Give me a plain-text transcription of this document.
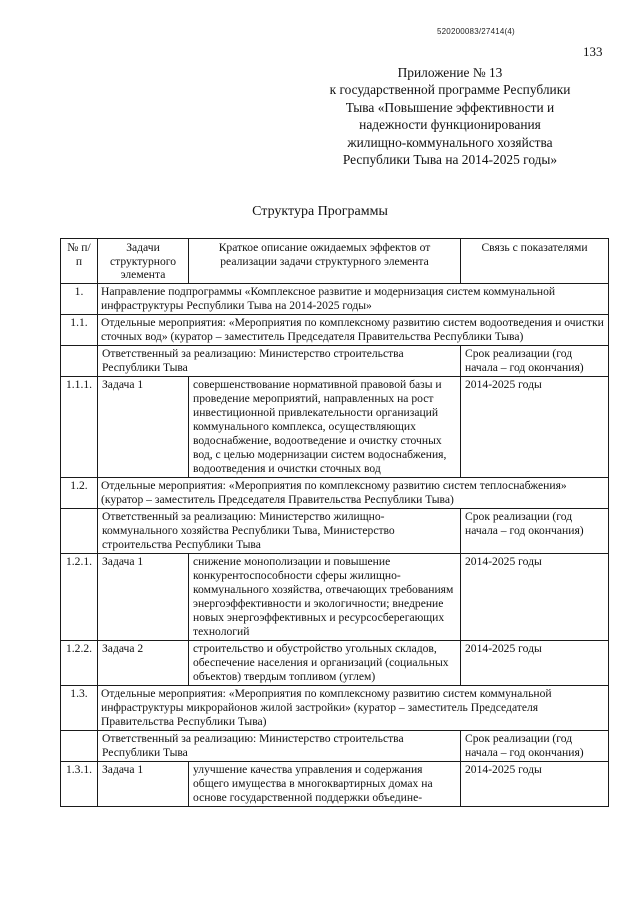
520200083/27414(4)
133
Приложение № 13
к государственной программе Республики
Тыва «Повышение эффективности и
надежности функционирования
жилищно-коммунального хозяйства
Республики Тыва на 2014-2025 годы»
Структура Программы
№ п/п	Задачи структурного элемента	Краткое описание ожидаемых эффектов от реализации задачи структурного элемента	Связь с показателями
1.	Направление подпрограммы «Комплексное развитие и модернизация систем коммунальной инфраструктуры Республики Тыва на 2014-2025 годы»		
1.1.	Отдельные мероприятия: «Мероприятия по комплексному развитию систем водоотведения и очистки сточных вод» (куратор – заместитель Председателя Правительства Республики Тыва)		
	Ответственный за реализацию: Министерство строительства Республики Тыва		Срок реализации (год начала – год окончания)
1.1.1.	Задача 1	совершенствование нормативной правовой базы и проведение мероприятий, направленных на рост инвестиционной привлекательности организаций коммунального комплекса, осуществляющих водоснабжение, водоотведение и очистку сточных вод, с целью модернизации систем водоснабжения, водоотведения и очистки сточных вод	2014-2025 годы
1.2.	Отдельные мероприятия: «Мероприятия по комплексному развитию систем теплоснабжения» (куратор – заместитель Председателя Правительства Республики Тыва)		
	Ответственный за реализацию: Министерство жилищно-коммунального хозяйства Республики Тыва, Министерство строительства Республики Тыва		Срок реализации (год начала – год окончания)
1.2.1.	Задача 1	снижение монополизации и повышение конкурентоспособности сферы жилищно-коммунального хозяйства, отвечающих требованиям энергоэффективности и экологичности; внедрение новых энергоэффективных и ресурсосберегающих технологий	2014-2025 годы
1.2.2.	Задача 2	строительство и обустройство угольных складов, обеспечение населения и организаций (социальных объектов) твердым топливом (углем)	2014-2025 годы
1.3.	Отдельные мероприятия: «Мероприятия по комплексному развитию систем коммунальной инфраструктуры микрорайонов жилой застройки» (куратор – заместитель Председателя Правительства Республики Тыва)		
	Ответственный за реализацию: Министерство строительства Республики Тыва		Срок реализации (год начала – год окончания)
1.3.1.	Задача 1	улучшение качества управления и содержания общего имущества в многоквартирных домах на основе государственной поддержки объедине-	2014-2025 годы
